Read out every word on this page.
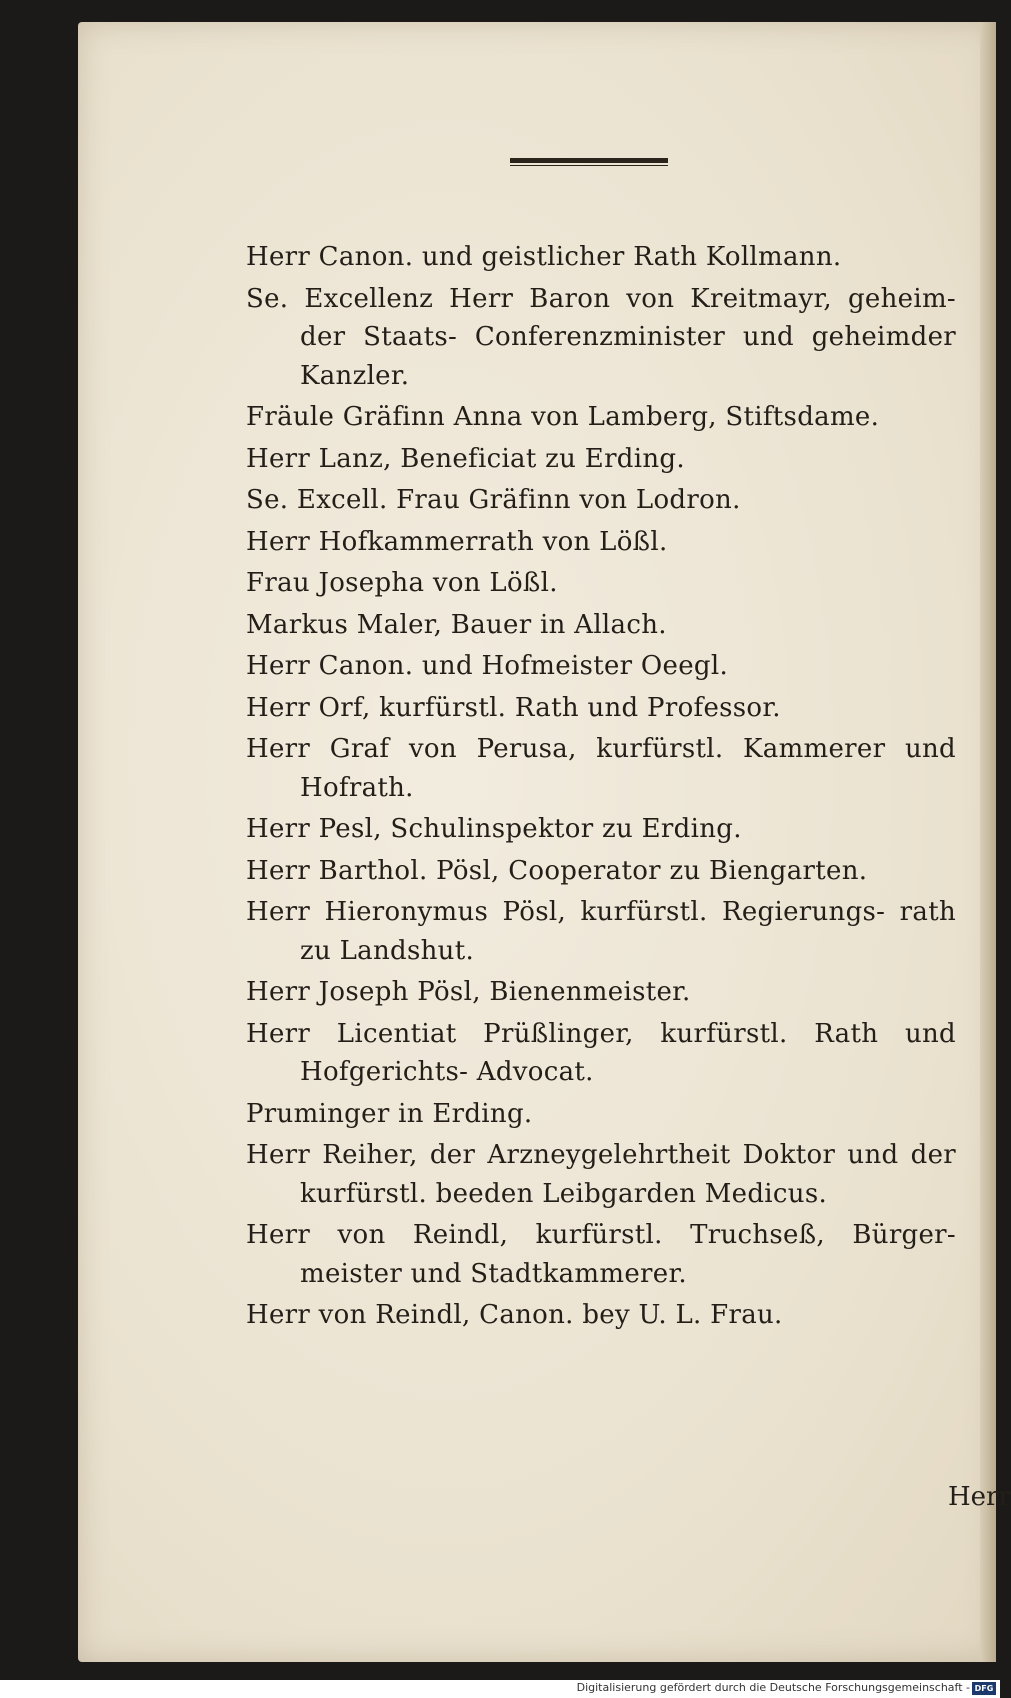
Herr Canon. und geistlicher Rath Kollmann.

Se. Excellenz Herr Baron von Kreitmayr, geheim- der Staats- Conferenzminister und geheimder Kanzler.

Fräule Gräfinn Anna von Lamberg, Stiftsdame.

Herr Lanz, Beneficiat zu Erding.

Se. Excell. Frau Gräfinn von Lodron.

Herr Hofkammerrath von Lößl.

Frau Josepha von Lößl.

Markus Maler, Bauer in Allach.

Herr Canon. und Hofmeister Oeegl.

Herr Orf, kurfürstl. Rath und Professor.

Herr Graf von Perusa, kurfürstl. Kammerer und Hofrath.

Herr Pesl, Schulinspektor zu Erding.

Herr Barthol. Pösl, Cooperator zu Biengarten.

Herr Hieronymus Pösl, kurfürstl. Regierungs- rath zu Landshut.

Herr Joseph Pösl, Bienenmeister.

Herr Licentiat Prüßlinger, kurfürstl. Rath und Hofgerichts- Advocat.

Pruminger in Erding.

Herr Reiher, der Arzneygelehrtheit Doktor und der kurfürstl. beeden Leibgarden Medicus.

Herr von Reindl, kurfürstl. Truchseß, Bürger- meister und Stadtkammerer.

Herr von Reindl, Canon. bey U. L. Frau.

Herr
Digitalisierung gefördert durch die Deutsche Forschungsgemeinschaft - DFG
